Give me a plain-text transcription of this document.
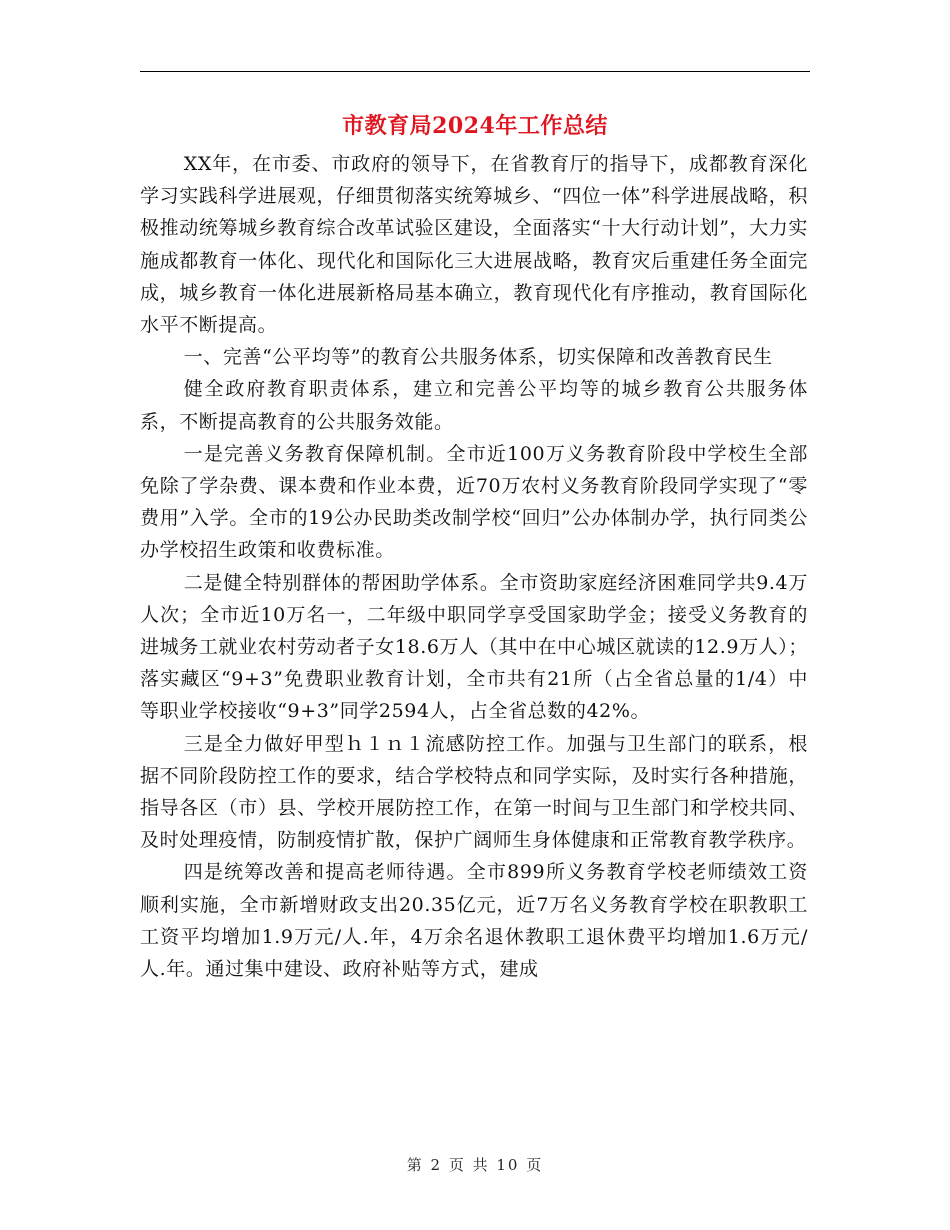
市教育局2024年工作总结

XX年，在市委、市政府的领导下，在省教育厅的指导下，成都教育深化学习实践科学进展观，仔细贯彻落实统筹城乡、“四位一体”科学进展战略，积极推动统筹城乡教育综合改革试验区建设，全面落实“十大行动计划”，大力实施成都教育一体化、现代化和国际化三大进展战略，教育灾后重建任务全面完成，城乡教育一体化进展新格局基本确立，教育现代化有序推动，教育国际化水平不断提高。

一、完善“公平均等”的教育公共服务体系，切实保障和改善教育民生

健全政府教育职责体系，建立和完善公平均等的城乡教育公共服务体系，不断提高教育的公共服务效能。

一是完善义务教育保障机制。全市近100万义务教育阶段中学校生全部免除了学杂费、课本费和作业本费，近70万农村义务教育阶段同学实现了“零费用”入学。全市的19公办民助类改制学校“回归”公办体制办学，执行同类公办学校招生政策和收费标准。

二是健全特别群体的帮困助学体系。全市资助家庭经济困难同学共9.4万人次；全市近10万名一，二年级中职同学享受国家助学金；接受义务教育的进城务工就业农村劳动者子女18.6万人（其中在中心城区就读的12.9万人）；落实藏区“9+3”免费职业教育计划，全市共有21所（占全省总量的1/4）中等职业学校接收“9+3”同学2594人，占全省总数的42%。

三是全力做好甲型ｈ１ｎ１流感防控工作。加强与卫生部门的联系，根据不同阶段防控工作的要求，结合学校特点和同学实际，及时实行各种措施，指导各区（市）县、学校开展防控工作，在第一时间与卫生部门和学校共同、及时处理疫情，防制疫情扩散，保护广阔师生身体健康和正常教育教学秩序。

四是统筹改善和提高老师待遇。全市899所义务教育学校老师绩效工资顺利实施，全市新增财政支出20.35亿元，近7万名义务教育学校在职教职工工资平均增加1.9万元/人.年，4万余名退休教职工退休费平均增加1.6万元/人.年。通过集中建设、政府补贴等方式，建成

第 2 页 共 10 页
